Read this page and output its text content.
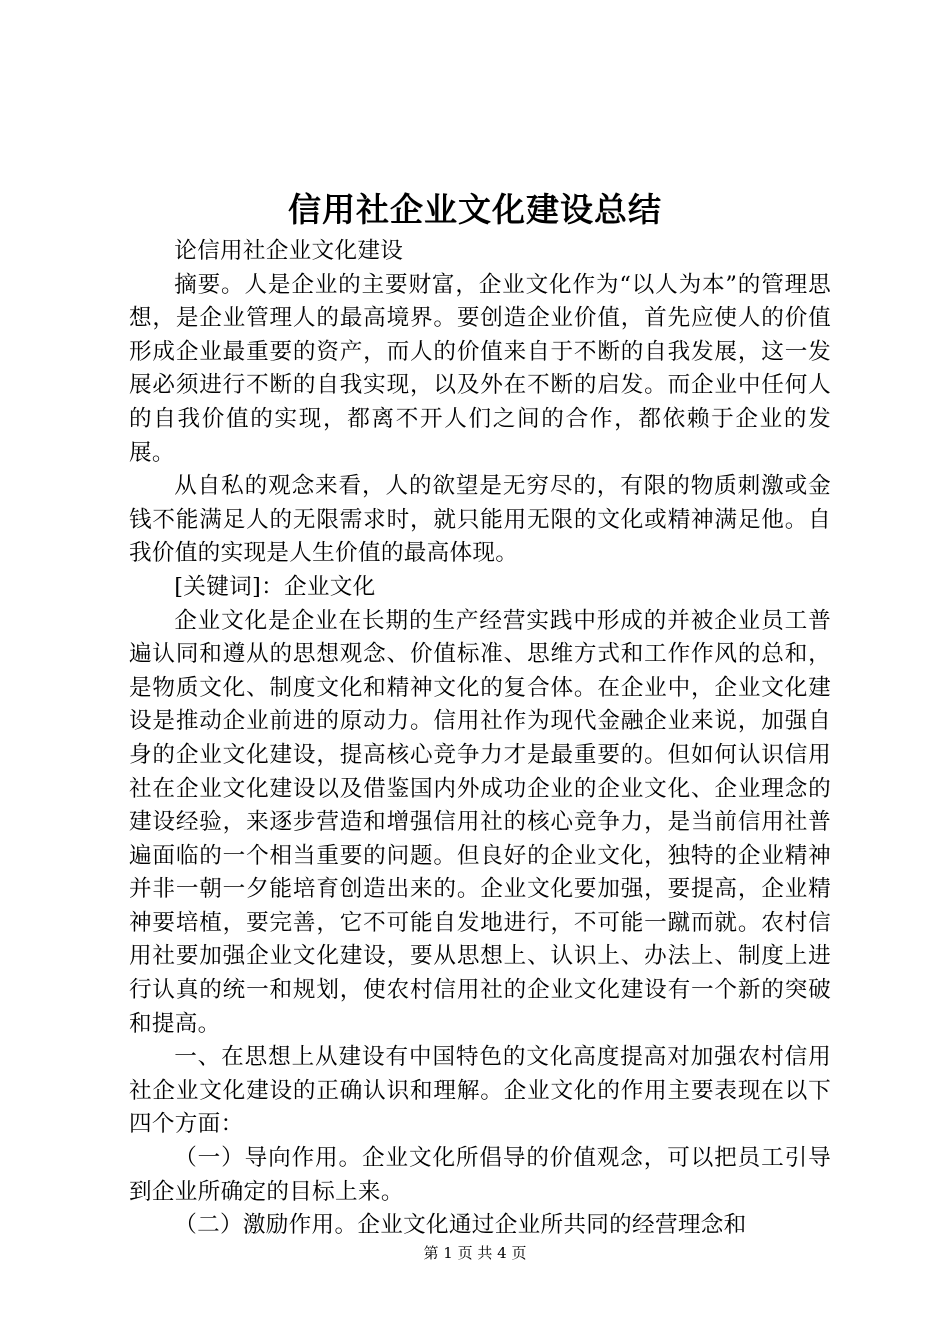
信用社企业文化建设总结

论信用社企业文化建设

摘要。人是企业的主要财富，企业文化作为“以人为本”的管理思想，是企业管理人的最高境界。要创造企业价值，首先应使人的价值形成企业最重要的资产，而人的价值来自于不断的自我发展，这一发展必须进行不断的自我实现，以及外在不断的启发。而企业中任何人的自我价值的实现，都离不开人们之间的合作，都依赖于企业的发展。

从自私的观念来看，人的欲望是无穷尽的，有限的物质刺激或金钱不能满足人的无限需求时，就只能用无限的文化或精神满足他。自我价值的实现是人生价值的最高体现。

[关键词]：企业文化

企业文化是企业在长期的生产经营实践中形成的并被企业员工普遍认同和遵从的思想观念、价值标准、思维方式和工作作风的总和，是物质文化、制度文化和精神文化的复合体。在企业中，企业文化建设是推动企业前进的原动力。信用社作为现代金融企业来说，加强自身的企业文化建设，提高核心竞争力才是最重要的。但如何认识信用社在企业文化建设以及借鉴国内外成功企业的企业文化、企业理念的建设经验，来逐步营造和增强信用社的核心竞争力，是当前信用社普遍面临的一个相当重要的问题。但良好的企业文化，独特的企业精神并非一朝一夕能培育创造出来的。企业文化要加强，要提高，企业精神要培植，要完善，它不可能自发地进行，不可能一蹴而就。农村信用社要加强企业文化建设，要从思想上、认识上、办法上、制度上进行认真的统一和规划，使农村信用社的企业文化建设有一个新的突破和提高。

一、在思想上从建设有中国特色的文化高度提高对加强农村信用社企业文化建设的正确认识和理解。企业文化的作用主要表现在以下四个方面：

（一）导向作用。企业文化所倡导的价值观念，可以把员工引导到企业所确定的目标上来。

（二）激励作用。企业文化通过企业所共同的经营理念和

第 1 页 共 4 页
